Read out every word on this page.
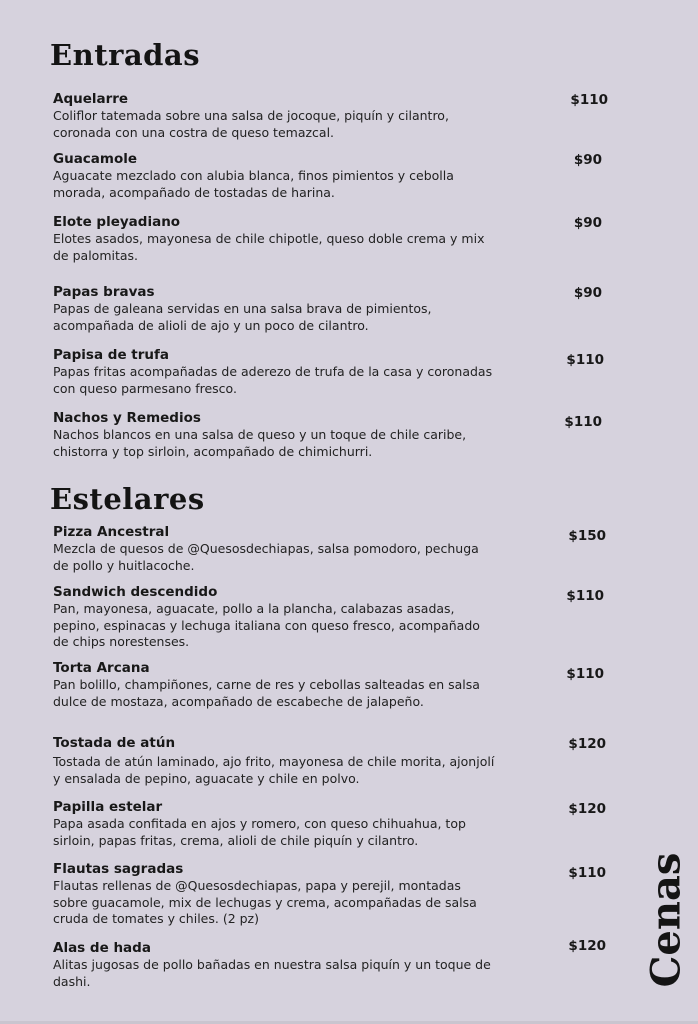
Entradas
Aquelarre
Coliflor tatemada sobre una salsa de jocoque, piquín y cilantro, coronada con una costra de queso temazcal.
$110
Guacamole
Aguacate mezclado con alubia blanca, finos pimientos y cebolla morada, acompañado de tostadas de harina.
$90
Elote pleyadiano
Elotes asados, mayonesa de chile chipotle, queso doble crema y mix de palomitas.
$90
Papas bravas
Papas de galeana servidas en una salsa brava de pimientos, acompañada de alioli de ajo y un poco de cilantro.
$90
Papisa de trufa
Papas fritas acompañadas de aderezo de trufa de la casa y coronadas con queso parmesano fresco.
$110
Nachos y Remedios
Nachos blancos en una salsa de queso y un toque de chile caribe, chistorra y top sirloin, acompañado de chimichurri.
$110
Estelares
Pizza Ancestral
Mezcla de quesos de @Quesosdechiapas, salsa pomodoro, pechuga de pollo y huitlacoche.
$150
Sandwich descendido
Pan, mayonesa, aguacate, pollo a la plancha, calabazas asadas, pepino, espinacas y lechuga italiana con queso fresco, acompañado de chips norestenses.
$110
Torta Arcana
Pan bolillo, champiñones, carne de res y cebollas salteadas en salsa dulce de mostaza, acompañado de escabeche de jalapeño.
$110
Tostada de atún
Tostada de atún laminado, ajo frito, mayonesa de chile morita, ajonjolí y ensalada de pepino, aguacate y chile en polvo.
$120
Papilla estelar
Papa asada confitada en ajos y romero, con queso chihuahua, top sirloin, papas fritas, crema, alioli de chile piquín y cilantro.
$120
Flautas sagradas
Flautas rellenas de @Quesosdechiapas, papa y perejil, montadas sobre guacamole, mix de lechugas y crema, acompañadas de salsa cruda de tomates y chiles. (2 pz)
$110
Alas de hada
Alitas jugosas de pollo bañadas en nuestra salsa piquín y un toque de dashi.
$120 Cenas
